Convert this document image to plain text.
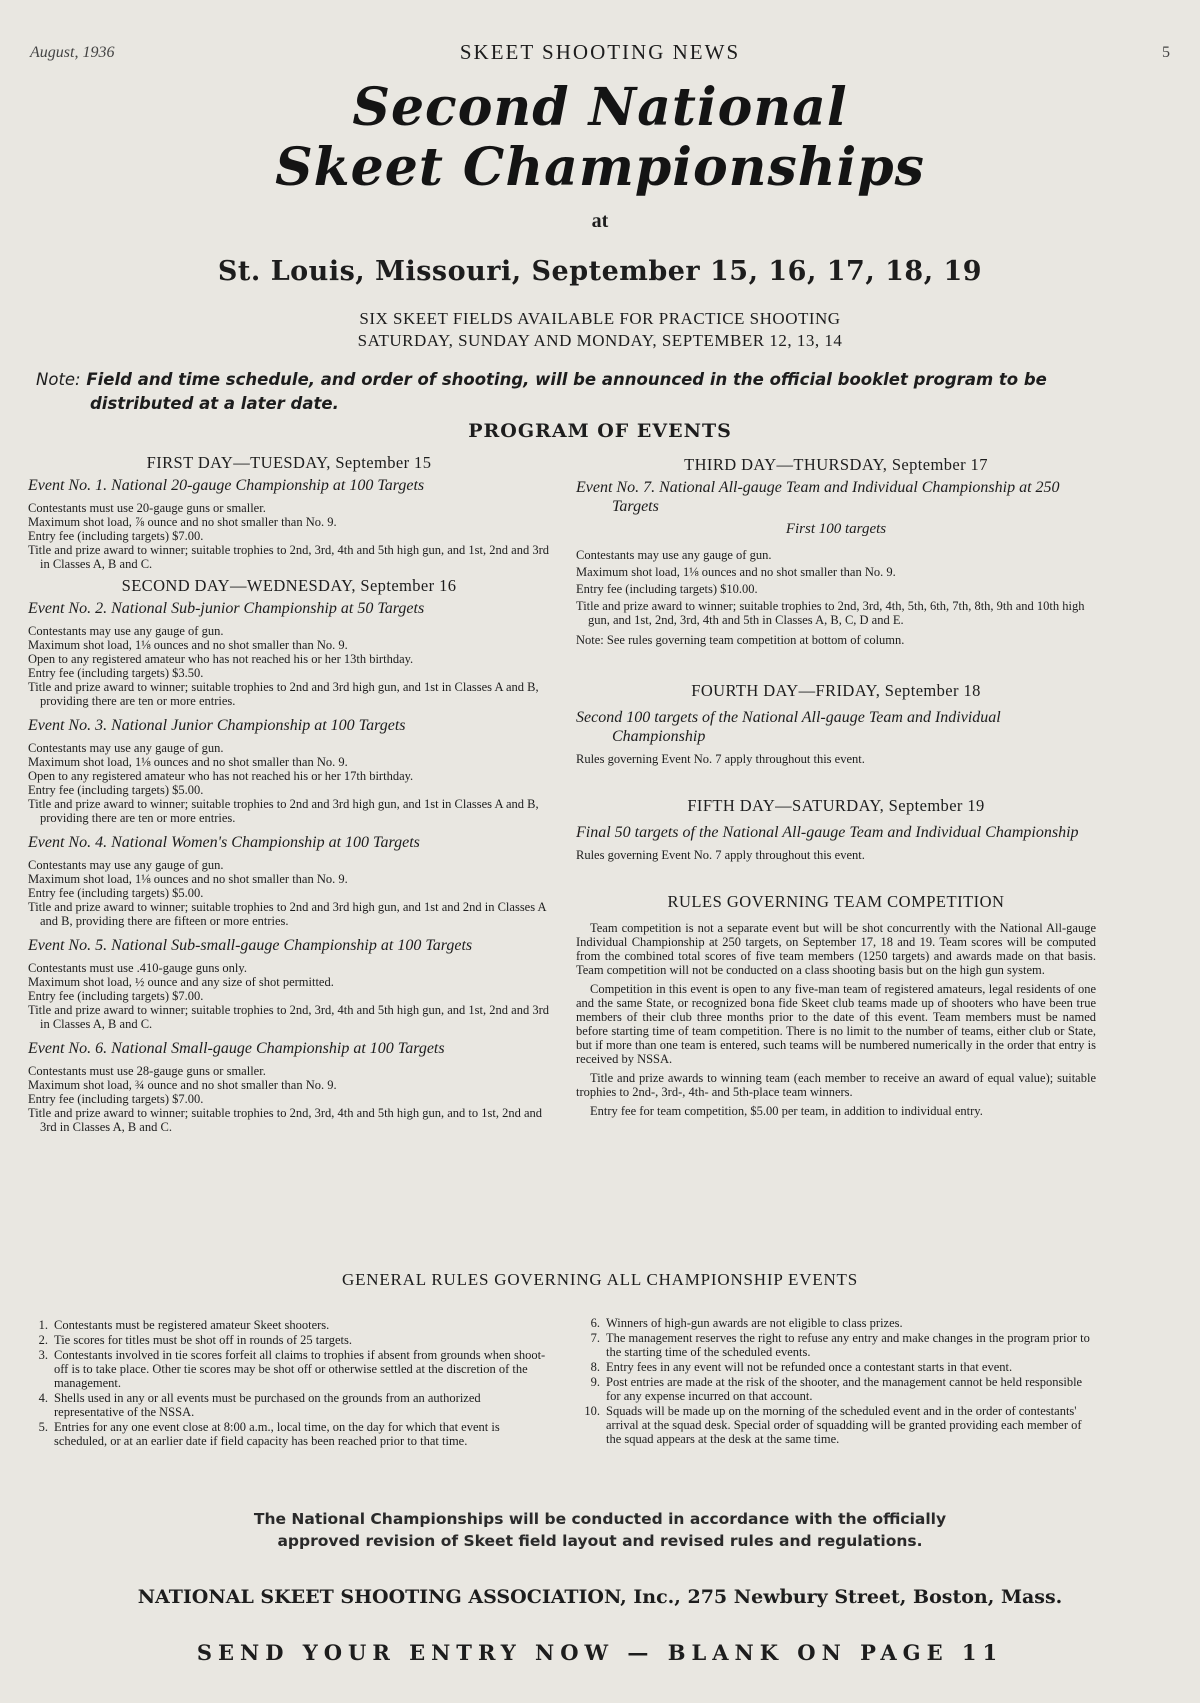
August, 1936	SKEET SHOOTING NEWS	5
Second National
Skeet Championships
at
St. Louis, Missouri, September 15, 16, 17, 18, 19
SIX SKEET FIELDS AVAILABLE FOR PRACTICE SHOOTING
SATURDAY, SUNDAY AND MONDAY, SEPTEMBER 12, 13, 14
Note: Field and time schedule, and order of shooting, will be announced in the official booklet program to be
distributed at a later date.
PROGRAM OF EVENTS
FIRST DAY—TUESDAY, September 15
Event No. 1. National 20-gauge Championship at 100 Targets

Contestants must use 20-gauge guns or smaller.

Maximum shot load, ⅞ ounce and no shot smaller than No. 9.

Entry fee (including targets) $7.00.

Title and prize award to winner; suitable trophies to 2nd, 3rd, 4th and 5th high gun, and 1st, 2nd and 3rd in Classes A, B and C.

SECOND DAY—WEDNESDAY, September 16
Event No. 2. National Sub-junior Championship at 50 Targets

Contestants may use any gauge of gun.

Maximum shot load, 1⅛ ounces and no shot smaller than No. 9.

Open to any registered amateur who has not reached his or her 13th birthday.

Entry fee (including targets) $3.50.

Title and prize award to winner; suitable trophies to 2nd and 3rd high gun, and 1st in Classes A and B, providing there are ten or more entries.

Event No. 3. National Junior Championship at 100 Targets

Contestants may use any gauge of gun.

Maximum shot load, 1⅛ ounces and no shot smaller than No. 9.

Open to any registered amateur who has not reached his or her 17th birthday.

Entry fee (including targets) $5.00.

Title and prize award to winner; suitable trophies to 2nd and 3rd high gun, and 1st in Classes A and B, providing there are ten or more entries.

Event No. 4. National Women's Championship at 100 Targets

Contestants may use any gauge of gun.

Maximum shot load, 1⅛ ounces and no shot smaller than No. 9.

Entry fee (including targets) $5.00.

Title and prize award to winner; suitable trophies to 2nd and 3rd high gun, and 1st and 2nd in Classes A and B, providing there are fifteen or more entries.

Event No. 5. National Sub-small-gauge Championship at 100 Targets

Contestants must use .410-gauge guns only.

Maximum shot load, ½ ounce and any size of shot permitted.

Entry fee (including targets) $7.00.

Title and prize award to winner; suitable trophies to 2nd, 3rd, 4th and 5th high gun, and 1st, 2nd and 3rd in Classes A, B and C.

Event No. 6. National Small-gauge Championship at 100 Targets

Contestants must use 28-gauge guns or smaller.

Maximum shot load, ¾ ounce and no shot smaller than No. 9.

Entry fee (including targets) $7.00.

Title and prize award to winner; suitable trophies to 2nd, 3rd, 4th and 5th high gun, and to 1st, 2nd and 3rd in Classes A, B and C.

THIRD DAY—THURSDAY, September 17
Event No. 7. National All-gauge Team and Individual Championship at 250 Targets
First 100 targets

Contestants may use any gauge of gun.

Maximum shot load, 1⅛ ounces and no shot smaller than No. 9.

Entry fee (including targets) $10.00.

Title and prize award to winner; suitable trophies to 2nd, 3rd, 4th, 5th, 6th, 7th, 8th, 9th and 10th high gun, and 1st, 2nd, 3rd, 4th and 5th in Classes A, B, C, D and E.

Note: See rules governing team competition at bottom of column.

FOURTH DAY—FRIDAY, September 18
Second 100 targets of the National All-gauge Team and Individual Championship

Rules governing Event No. 7 apply throughout this event.

FIFTH DAY—SATURDAY, September 19
Final 50 targets of the National All-gauge Team and Individual Championship

Rules governing Event No. 7 apply throughout this event.

RULES GOVERNING TEAM COMPETITION

Team competition is not a separate event but will be shot concurrently with the National All-gauge Individual Championship at 250 targets, on September 17, 18 and 19. Team scores will be computed from the combined total scores of five team members (1250 targets) and awards made on that basis. Team competition will not be conducted on a class shooting basis but on the high gun system.

Competition in this event is open to any five-man team of registered amateurs, legal residents of one and the same State, or recognized bona fide Skeet club teams made up of shooters who have been true members of their club three months prior to the date of this event. Team members must be named before starting time of team competition. There is no limit to the number of teams, either club or State, but if more than one team is entered, such teams will be numbered numerically in the order that entry is received by NSSA.

Title and prize awards to winning team (each member to receive an award of equal value); suitable trophies to 2nd-, 3rd-, 4th- and 5th-place team winners.

Entry fee for team competition, $5.00 per team, in addition to individual entry.

GENERAL RULES GOVERNING ALL CHAMPIONSHIP EVENTS
1. Contestants must be registered amateur Skeet shooters.
2. Tie scores for titles must be shot off in rounds of 25 targets.
3. Contestants involved in tie scores forfeit all claims to trophies if absent from grounds when shoot-off is to take place. Other tie scores may be shot off or otherwise settled at the discretion of the management.
4. Shells used in any or all events must be purchased on the grounds from an authorized representative of the NSSA.
5. Entries for any one event close at 8:00 a.m., local time, on the day for which that event is scheduled, or at an earlier date if field capacity has been reached prior to that time.
6. Winners of high-gun awards are not eligible to class prizes.
7. The management reserves the right to refuse any entry and make changes in the program prior to the starting time of the scheduled events.
8. Entry fees in any event will not be refunded once a contestant starts in that event.
9. Post entries are made at the risk of the shooter, and the management cannot be held responsible for any expense incurred on that account.
10. Squads will be made up on the morning of the scheduled event and in the order of contestants' arrival at the squad desk. Special order of squadding will be granted providing each member of the squad appears at the desk at the same time.
The National Championships will be conducted in accordance with the officially
approved revision of Skeet field layout and revised rules and regulations.
NATIONAL SKEET SHOOTING ASSOCIATION, Inc., 275 Newbury Street, Boston, Mass.
SEND YOUR ENTRY NOW — BLANK ON PAGE 11
